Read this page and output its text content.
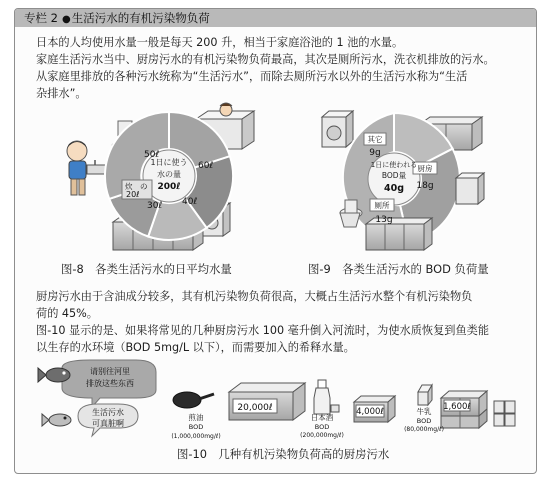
专栏 2 ●生活污水的有机污染物负荷
日本的人均使用水量一般是每天 200 升，相当于家庭浴池的 1 池的水量。
家庭生活污水当中、厨房污水的有机污染物负荷最高，其次是厕所污水，洗衣机排放的污水。
从家庭里排放的各种污水统称为“生活污水”，而除去厕所污水以外的生活污水称为“生活
杂排水”。
1日に使う
水の量
200ℓ
50ℓ
60ℓ
40ℓ
30ℓ
炊　の
20ℓ
1日に使われる
BOD量
40g
其它
9g
厨房
18g
厕所
13g
请别往河里
排放这些东西
生活污水
可真脏啊
煎油
BOD
(1,000,000mg/ℓ)
20,000ℓ
日本酒
BOD
(200,000mg/ℓ)
4,000ℓ	牛乳
BOD
(80,000mg/ℓ)
1,600ℓ
图-8　各类生活污水的日平均水量	图-9　各类生活污水的 BOD 负荷量
厨房污水由于含油成分较多，其有机污染物负荷很高，大概占生活污水整个有机污染物负
荷的 45%。
图-10 显示的是、如果将常见的几种厨房污水 100 毫升倒入河流时，为使水质恢复到鱼类能
以生存的水环境（BOD 5mg/L 以下），而需要加入的希释水量。
图-10　几种有机污染物负荷高的厨房污水
